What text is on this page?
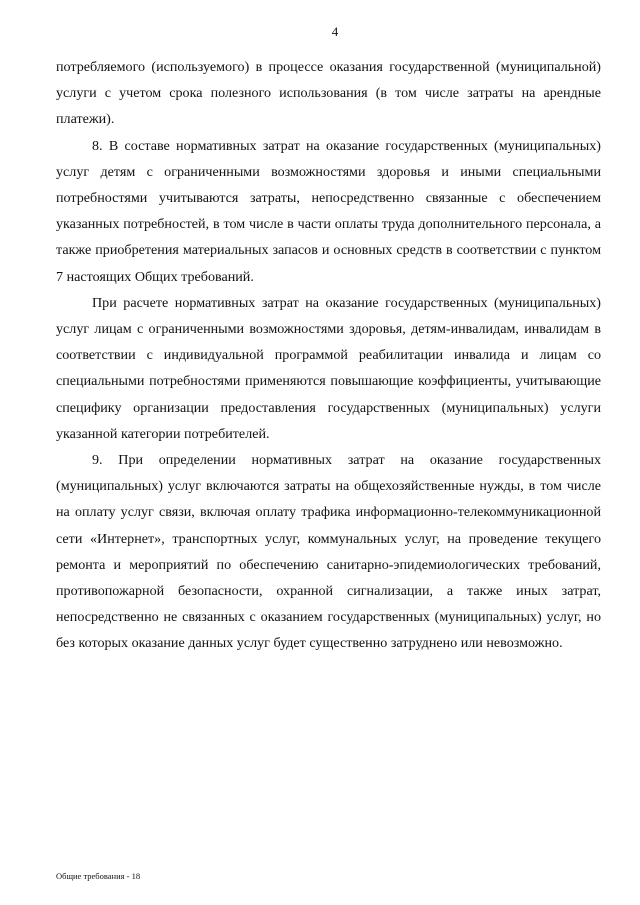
4

потребляемого (используемого) в процессе оказания государственной (муниципальной) услуги с учетом срока полезного использования (в том числе затраты на арендные платежи).

8. В составе нормативных затрат на оказание государственных (муниципальных) услуг детям с ограниченными возможностями здоровья и иными специальными потребностями учитываются затраты, непосредственно связанные с обеспечением указанных потребностей, в том числе в части оплаты труда дополнительного персонала, а также приобретения материальных запасов и основных средств в соответствии с пунктом 7 настоящих Общих требований.

При расчете нормативных затрат на оказание государственных (муниципальных) услуг лицам с ограниченными возможностями здоровья, детям-инвалидам, инвалидам в соответствии с индивидуальной программой реабилитации инвалида и лицам со специальными потребностями применяются повышающие коэффициенты, учитывающие специфику организации предоставления государственных (муниципальных) услуги указанной категории потребителей.

9. При определении нормативных затрат на оказание государственных (муниципальных) услуг включаются затраты на общехозяйственные нужды, в том числе на оплату услуг связи, включая оплату трафика информационно-телекоммуникационной сети «Интернет», транспортных услуг, коммунальных услуг, на проведение текущего ремонта и мероприятий по обеспечению санитарно-эпидемиологических требований, противопожарной безопасности, охранной сигнализации, а также иных затрат, непосредственно не связанных с оказанием государственных (муниципальных) услуг, но без которых оказание данных услуг будет существенно затруднено или невозможно.

Общие требования - 18
